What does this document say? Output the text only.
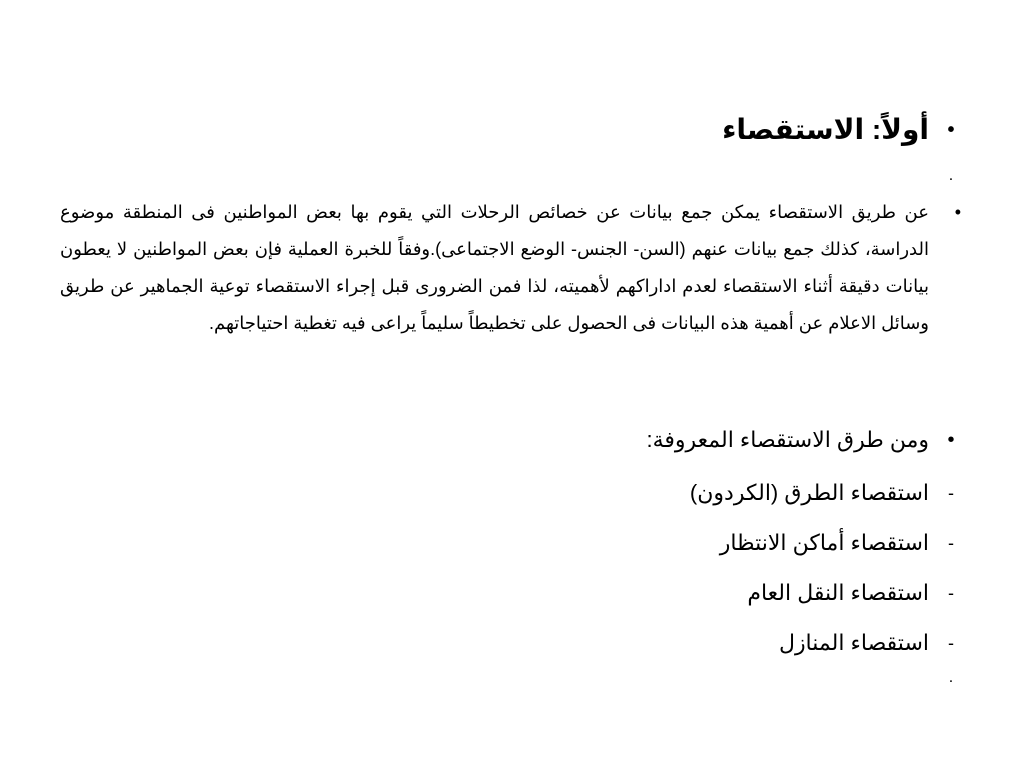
•
أولاً: الاستقصاء
.
•
عن طريق الاستقصاء يمكن جمع بيانات عن خصائص الرحلات التي يقوم بها بعض المواطنين فى المنطقة موضوع الدراسة، كذلك جمع بيانات عنهم (السن- الجنس- الوضع الاجتماعى).وفقاً للخبرة العملية فإن بعض المواطنين لا يعطون بيانات دقيقة أثناء الاستقصاء لعدم اداراكهم لأهميته، لذا فمن الضرورى قبل إجراء الاستقصاء توعية الجماهير عن طريق وسائل الاعلام عن أهمية هذه البيانات فى الحصول على تخطيطاً سليماً يراعى فيه تغطية احتياجاتهم.
•
ومن طرق الاستقصاء المعروفة:
-
استقصاء الطرق (الكردون)
-
استقصاء أماكن الانتظار
-
استقصاء النقل العام
-
استقصاء المنازل
.
